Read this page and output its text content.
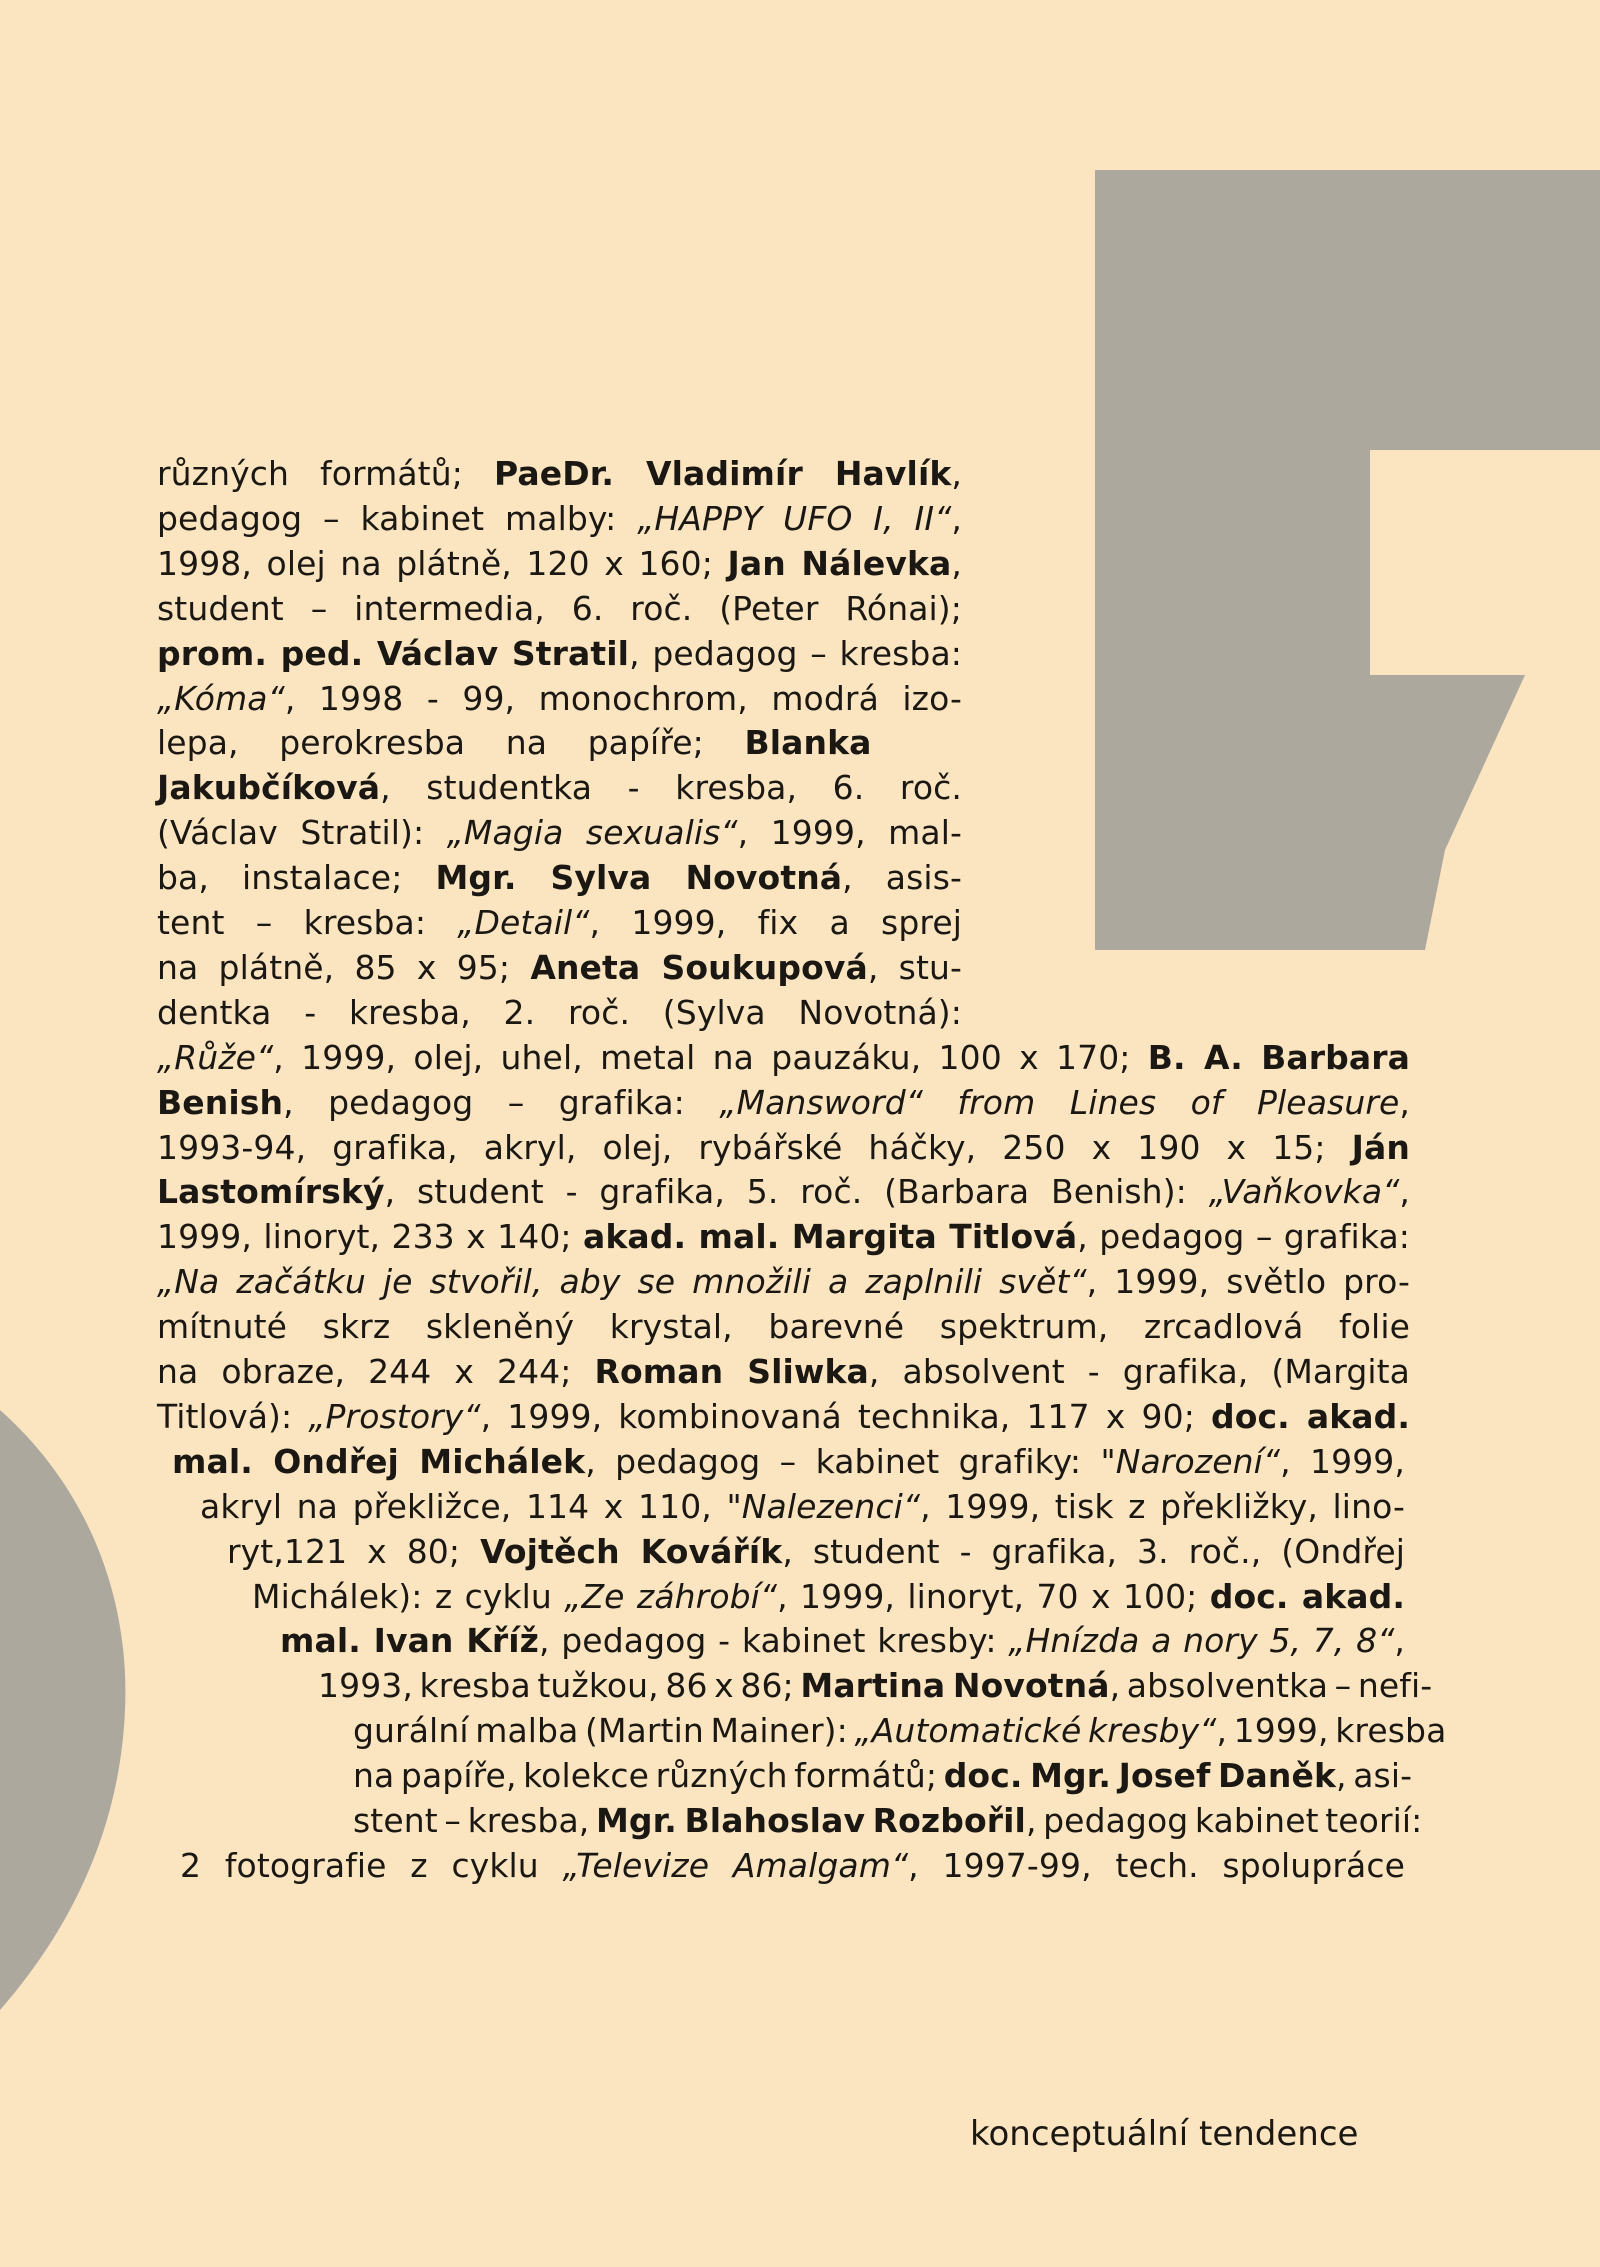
různých formátů; PaeDr. Vladimír Havlík,
pedagog – kabinet malby: „HAPPY UFO I, II“,
1998, olej na plátně, 120 x 160; Jan Nálevka,
student – intermedia, 6. roč. (Peter Rónai);
prom. ped. Václav Stratil, pedagog – kresba:
„Kóma“, 1998 - 99, monochrom, modrá izo-
lepa, perokresba na papíře; Blanka
Jakubčíková, studentka - kresba, 6. roč.
(Václav Stratil): „Magia sexualis“, 1999, mal-
ba, instalace; Mgr. Sylva Novotná, asis-
tent – kresba: „Detail“, 1999, fix a sprej
na plátně, 85 x 95; Aneta Soukupová, stu-
dentka - kresba, 2. roč. (Sylva Novotná):
„Růže“, 1999, olej, uhel, metal na pauzáku, 100 x 170; B. A. Barbara
Benish, pedagog – grafika: „Mansword“ from Lines of Pleasure,
1993-94, grafika, akryl, olej, rybářské háčky, 250 x 190 x 15; Ján
Lastomírský, student - grafika, 5. roč. (Barbara Benish): „Vaňkovka“,
1999, linoryt, 233 x 140; akad. mal. Margita Titlová, pedagog – grafika:
„Na začátku je stvořil, aby se množili a zaplnili svět“, 1999, světlo pro-
mítnuté skrz skleněný krystal, barevné spektrum, zrcadlová folie
na obraze, 244 x 244; Roman Sliwka, absolvent - grafika, (Margita
Titlová): „Prostory“, 1999, kombinovaná technika, 117 x 90; doc. akad.
mal. Ondřej Michálek, pedagog – kabinet grafiky: "Narození“, 1999,
akryl na překližce, 114 x 110, "Nalezenci“, 1999, tisk z překližky, lino-
ryt,121 x 80; Vojtěch Kovářík, student - grafika, 3. roč., (Ondřej
Michálek): z cyklu „Ze záhrobí“, 1999, linoryt, 70 x 100; doc. akad.
mal. Ivan Kříž, pedagog - kabinet kresby: „Hnízda a nory 5, 7, 8“,
1993, kresba tužkou, 86 x 86; Martina Novotná, absolventka – nefi-
gurální malba (Martin Mainer): „Automatické kresby“, 1999, kresba
na papíře, kolekce různých formátů; doc. Mgr. Josef Daněk, asi-
stent – kresba, Mgr. Blahoslav Rozbořil, pedagog kabinet teorií:
2 fotografie z cyklu „Televize Amalgam“, 1997-99, tech. spolupráce
konceptuální tendence
